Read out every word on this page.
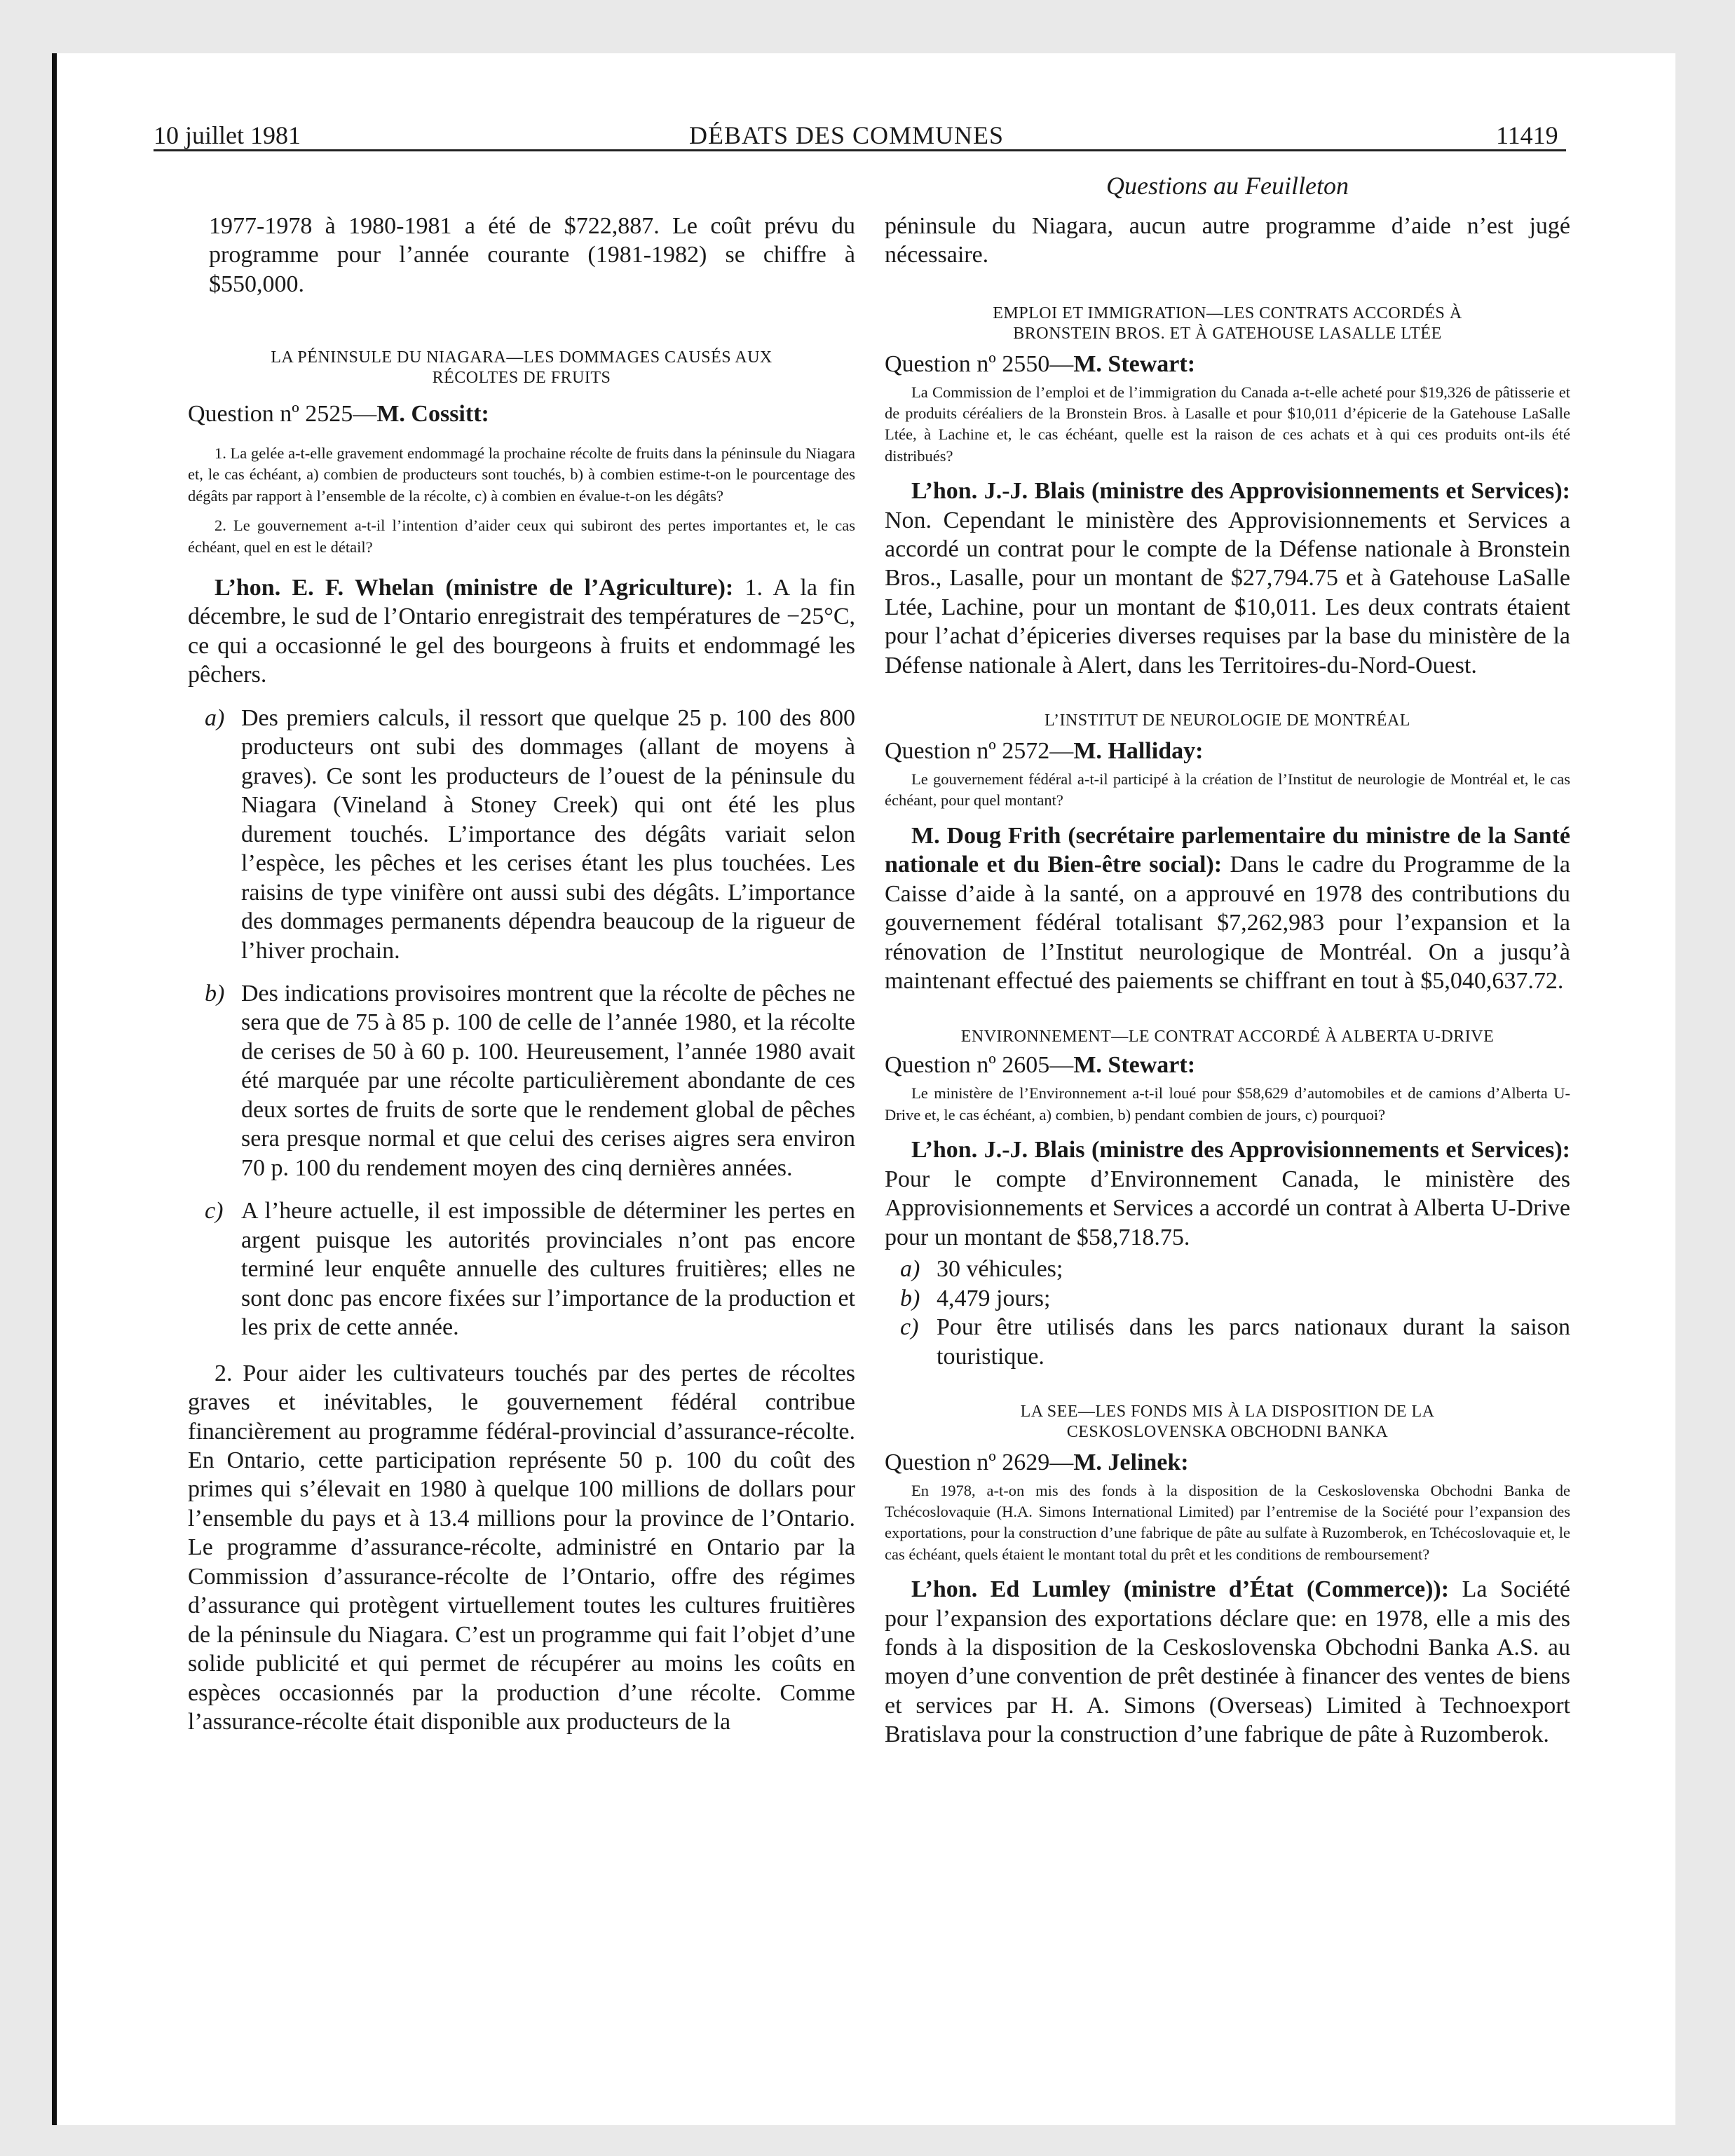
10 juillet 1981	DÉBATS DES COMMUNES	11419
Questions au Feuilleton

1977-1978 à 1980-1981 a été de $722,887. Le coût prévu du programme pour l’année courante (1981-1982) se chiffre à $550,000.

LA PÉNINSULE DU NIAGARA—LES DOMMAGES CAUSÉS AUX

RÉCOLTES DE FRUITS

Question nº 2525—M. Cossitt:

1. La gelée a-t-elle gravement endommagé la prochaine récolte de fruits dans la péninsule du Niagara et, le cas échéant, a) combien de producteurs sont touchés, b) à combien estime-t-on le pourcentage des dégâts par rapport à l’ensemble de la récolte, c) à combien en évalue-t-on les dégâts?

2. Le gouvernement a-t-il l’intention d’aider ceux qui subiront des pertes importantes et, le cas échéant, quel en est le détail?

L’hon. E. F. Whelan (ministre de l’Agriculture): 1. A la fin décembre, le sud de l’Ontario enregistrait des températures de −25°C, ce qui a occasionné le gel des bourgeons à fruits et endommagé les pêchers.

a) Des premiers calculs, il ressort que quelque 25 p. 100 des 800 producteurs ont subi des dommages (allant de moyens à graves). Ce sont les producteurs de l’ouest de la péninsule du Niagara (Vineland à Stoney Creek) qui ont été les plus durement touchés. L’importance des dégâts variait selon l’espèce, les pêches et les cerises étant les plus touchées. Les raisins de type vinifère ont aussi subi des dégâts. L’importance des dommages permanents dépendra beaucoup de la rigueur de l’hiver prochain.
b) Des indications provisoires montrent que la récolte de pêches ne sera que de 75 à 85 p. 100 de celle de l’année 1980, et la récolte de cerises de 50 à 60 p. 100. Heureusement, l’année 1980 avait été marquée par une récolte particulièrement abondante de ces deux sortes de fruits de sorte que le rendement global de pêches sera presque normal et que celui des cerises aigres sera environ 70 p. 100 du rendement moyen des cinq dernières années.
c) A l’heure actuelle, il est impossible de déterminer les pertes en argent puisque les autorités provinciales n’ont pas encore terminé leur enquête annuelle des cultures fruitières; elles ne sont donc pas encore fixées sur l’importance de la production et les prix de cette année.

2. Pour aider les cultivateurs touchés par des pertes de récoltes graves et inévitables, le gouvernement fédéral contribue financièrement au programme fédéral-provincial d’assurance-récolte. En Ontario, cette participation représente 50 p. 100 du coût des primes qui s’élevait en 1980 à quelque 100 millions de dollars pour l’ensemble du pays et à 13.4 millions pour la province de l’Ontario. Le programme d’assurance-récolte, administré en Ontario par la Commission d’assurance-récolte de l’Ontario, offre des régimes d’assurance qui protègent virtuellement toutes les cultures fruitières de la péninsule du Niagara. C’est un programme qui fait l’objet d’une solide publicité et qui permet de récupérer au moins les coûts en espèces occasionnés par la production d’une récolte. Comme l’assurance-récolte était disponible aux producteurs de la

péninsule du Niagara, aucun autre programme d’aide n’est jugé nécessaire.

EMPLOI ET IMMIGRATION—LES CONTRATS ACCORDÉS À

BRONSTEIN BROS. ET À GATEHOUSE LASALLE LTÉE

Question nº 2550—M. Stewart:

La Commission de l’emploi et de l’immigration du Canada a-t-elle acheté pour $19,326 de pâtisserie et de produits céréaliers de la Bronstein Bros. à Lasalle et pour $10,011 d’épicerie de la Gatehouse LaSalle Ltée, à Lachine et, le cas échéant, quelle est la raison de ces achats et à qui ces produits ont-ils été distribués?

L’hon. J.-J. Blais (ministre des Approvisionnements et Services): Non. Cependant le ministère des Approvisionnements et Services a accordé un contrat pour le compte de la Défense nationale à Bronstein Bros., Lasalle, pour un montant de $27,794.75 et à Gatehouse LaSalle Ltée, Lachine, pour un montant de $10,011. Les deux contrats étaient pour l’achat d’épiceries diverses requises par la base du ministère de la Défense nationale à Alert, dans les Territoires-du-Nord-Ouest.

L’INSTITUT DE NEUROLOGIE DE MONTRÉAL

Question nº 2572—M. Halliday:

Le gouvernement fédéral a-t-il participé à la création de l’Institut de neurologie de Montréal et, le cas échéant, pour quel montant?

M. Doug Frith (secrétaire parlementaire du ministre de la Santé nationale et du Bien-être social): Dans le cadre du Programme de la Caisse d’aide à la santé, on a approuvé en 1978 des contributions du gouvernement fédéral totalisant $7,262,983 pour l’expansion et la rénovation de l’Institut neurologique de Montréal. On a jusqu’à maintenant effectué des paiements se chiffrant en tout à $5,040,637.72.

ENVIRONNEMENT—LE CONTRAT ACCORDÉ À ALBERTA U-DRIVE

Question nº 2605—M. Stewart:

Le ministère de l’Environnement a-t-il loué pour $58,629 d’automobiles et de camions d’Alberta U-Drive et, le cas échéant, a) combien, b) pendant combien de jours, c) pourquoi?

L’hon. J.-J. Blais (ministre des Approvisionnements et Services): Pour le compte d’Environnement Canada, le ministère des Approvisionnements et Services a accordé un contrat à Alberta U-Drive pour un montant de $58,718.75.

a) 30 véhicules;
b) 4,479 jours;
c) Pour être utilisés dans les parcs nationaux durant la saison touristique.

LA SEE—LES FONDS MIS À LA DISPOSITION DE LA

CESKOSLOVENSKA OBCHODNI BANKA

Question nº 2629—M. Jelinek:

En 1978, a-t-on mis des fonds à la disposition de la Ceskoslovenska Obchodni Banka de Tchécoslovaquie (H.A. Simons International Limited) par l’entremise de la Société pour l’expansion des exportations, pour la construction d’une fabrique de pâte au sulfate à Ruzomberok, en Tchécoslovaquie et, le cas échéant, quels étaient le montant total du prêt et les conditions de remboursement?

L’hon. Ed Lumley (ministre d’État (Commerce)): La Société pour l’expansion des exportations déclare que: en 1978, elle a mis des fonds à la disposition de la Ceskoslovenska Obchodni Banka A.S. au moyen d’une convention de prêt destinée à financer des ventes de biens et services par H. A. Simons (Overseas) Limited à Technoexport Bratislava pour la construction d’une fabrique de pâte à Ruzomberok.
